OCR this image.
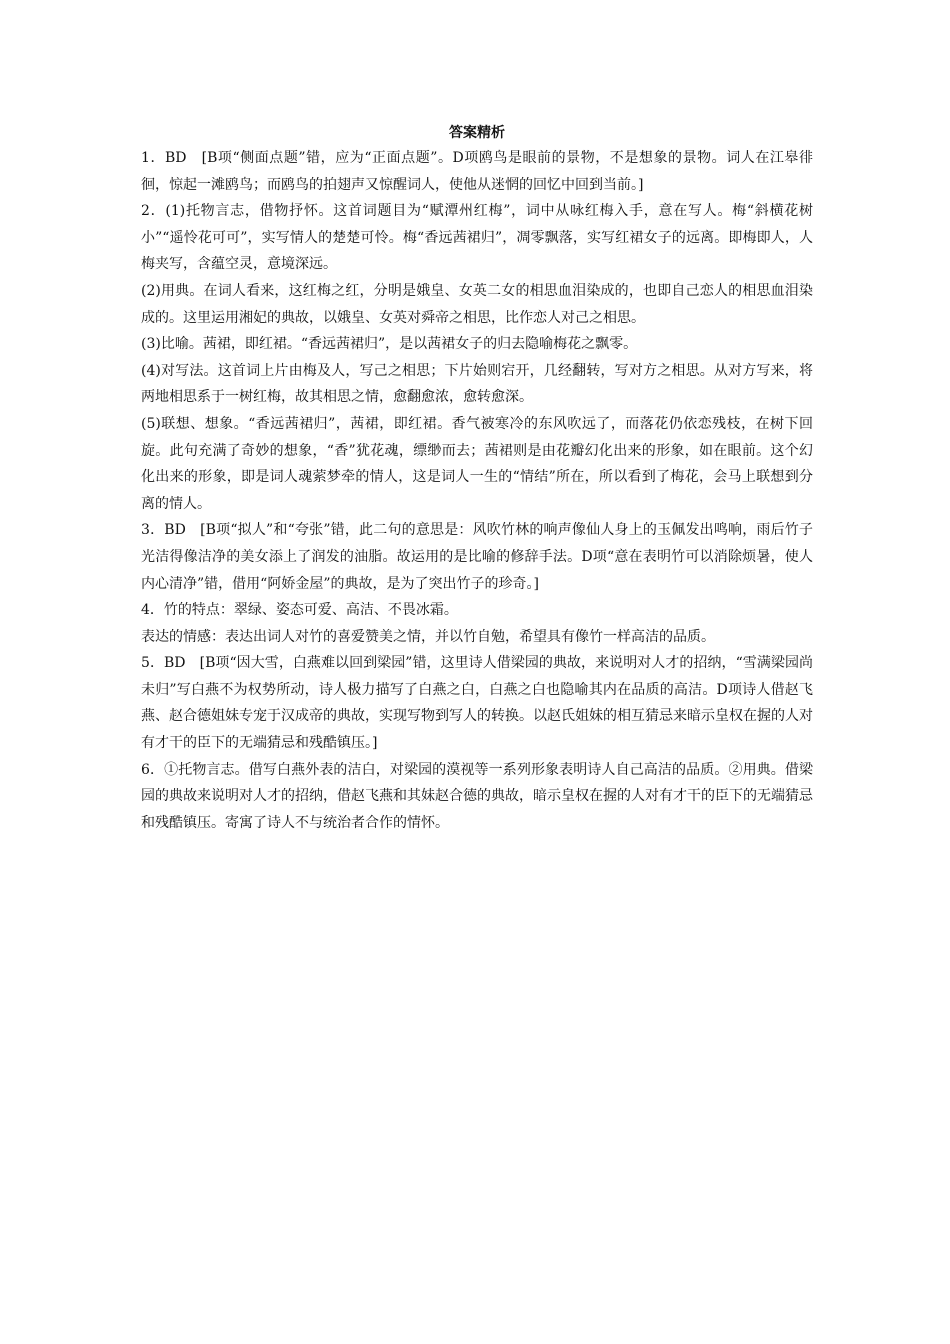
答案精析

1．BD　[B项“侧面点题”错，应为“正面点题”。D项鸥鸟是眼前的景物，不是想象的景物。词人在江皋徘徊，惊起一滩鸥鸟；而鸥鸟的拍翅声又惊醒词人，使他从迷惘的回忆中回到当前。]

2．(1)托物言志，借物抒怀。这首词题目为“赋潭州红梅”，词中从咏红梅入手，意在写人。梅“斜横花树小”“遥怜花可可”，实写情人的楚楚可怜。梅“香远茜裙归”，凋零飘落，实写红裙女子的远离。即梅即人，人梅夹写，含蕴空灵，意境深远。

(2)用典。在词人看来，这红梅之红，分明是娥皇、女英二女的相思血泪染成的，也即自己恋人的相思血泪染成的。这里运用湘妃的典故，以娥皇、女英对舜帝之相思，比作恋人对己之相思。

(3)比喻。茜裙，即红裙。“香远茜裙归”，是以茜裙女子的归去隐喻梅花之飘零。

(4)对写法。这首词上片由梅及人，写己之相思；下片始则宕开，几经翻转，写对方之相思。从对方写来，将两地相思系于一树红梅，故其相思之情，愈翻愈浓，愈转愈深。

(5)联想、想象。“香远茜裙归”，茜裙，即红裙。香气被寒冷的东风吹远了，而落花仍依恋残枝，在树下回旋。此句充满了奇妙的想象，“香”犹花魂，缥缈而去；茜裙则是由花瓣幻化出来的形象，如在眼前。这个幻化出来的形象，即是词人魂萦梦牵的情人，这是词人一生的“情结”所在，所以看到了梅花，会马上联想到分离的情人。

3．BD　[B项“拟人”和“夸张”错，此二句的意思是：风吹竹林的响声像仙人身上的玉佩发出鸣响，雨后竹子光洁得像洁净的美女添上了润发的油脂。故运用的是比喻的修辞手法。D项“意在表明竹可以消除烦暑，使人内心清净”错，借用“阿娇金屋”的典故，是为了突出竹子的珍奇。]

4．竹的特点：翠绿、姿态可爱、高洁、不畏冰霜。

表达的情感：表达出词人对竹的喜爱赞美之情，并以竹自勉，希望具有像竹一样高洁的品质。

5．BD　[B项“因大雪，白燕难以回到梁园”错，这里诗人借梁园的典故，来说明对人才的招纳，“雪满梁园尚未归”写白燕不为权势所动，诗人极力描写了白燕之白，白燕之白也隐喻其内在品质的高洁。D项诗人借赵飞燕、赵合德姐妹专宠于汉成帝的典故，实现写物到写人的转换。以赵氏姐妹的相互猜忌来暗示皇权在握的人对有才干的臣下的无端猜忌和残酷镇压。]

6．①托物言志。借写白燕外表的洁白，对梁园的漠视等一系列形象表明诗人自己高洁的品质。②用典。借梁园的典故来说明对人才的招纳，借赵飞燕和其妹赵合德的典故，暗示皇权在握的人对有才干的臣下的无端猜忌和残酷镇压。寄寓了诗人不与统治者合作的情怀。
